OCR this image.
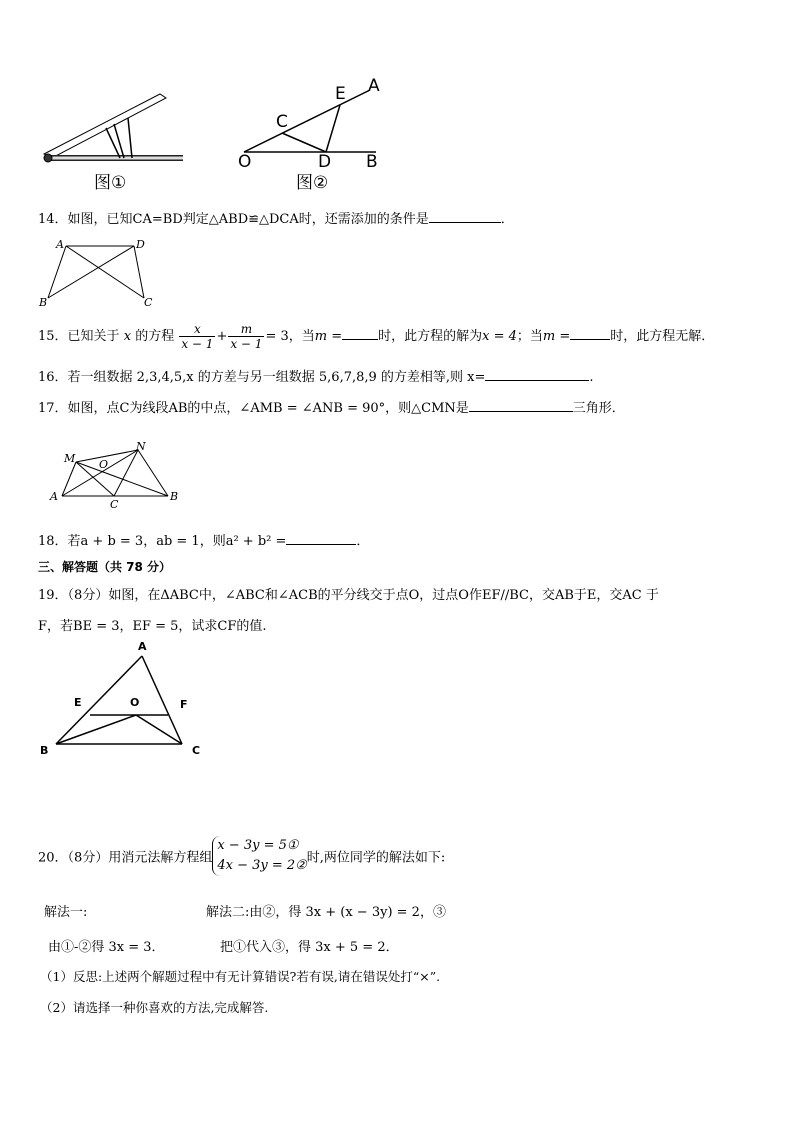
图①	图②
E A
C
O	D B
14．如图，已知CA=BD判定△ABD≌△DCA时，还需添加的条件是	．
A	D
B	C
15．已知关于 x 的方程 $\frac{x}{x - 1} + \frac{m}{x - 1} = 3$，当m =	时，此方程的解为x = 4；当m =	时，此方程无解．
16．若一组数据 2,3,4,5,x 的方差与另一组数据 5,6,7,8,9 的方差相等,则 x=	.
17．如图，点C为线段AB的中点，∠AMB = ∠ANB = 90°，则△CMN是	三角形．
M
N
O
A
C
B
18．若a + b = 3，ab = 1，则a² + b² =	．
三、解答题（共 78 分）
19．（8分）如图，在ΔABC中，∠ABC和∠ACB的平分线交于点O，过点O作EF//BC，交AB于E，交AC 于
F，若BE = 3，EF = 5，试求CF的值.
A
E	O	F
B	C
20．（8分）用消元法解方程组
x − 3y = 5①
4x − 3y = 2② 时,两位同学的解法如下:
解法一:	解法二:由②，得 3x + (x − 3y) = 2，③
由①-②得 3x = 3．	把①代入③，得 3x + 5 = 2．
（1）反思:上述两个解题过程中有无计算错误?若有误,请在错误处打“×”.
（2）请选择一种你喜欢的方法,完成解答.
